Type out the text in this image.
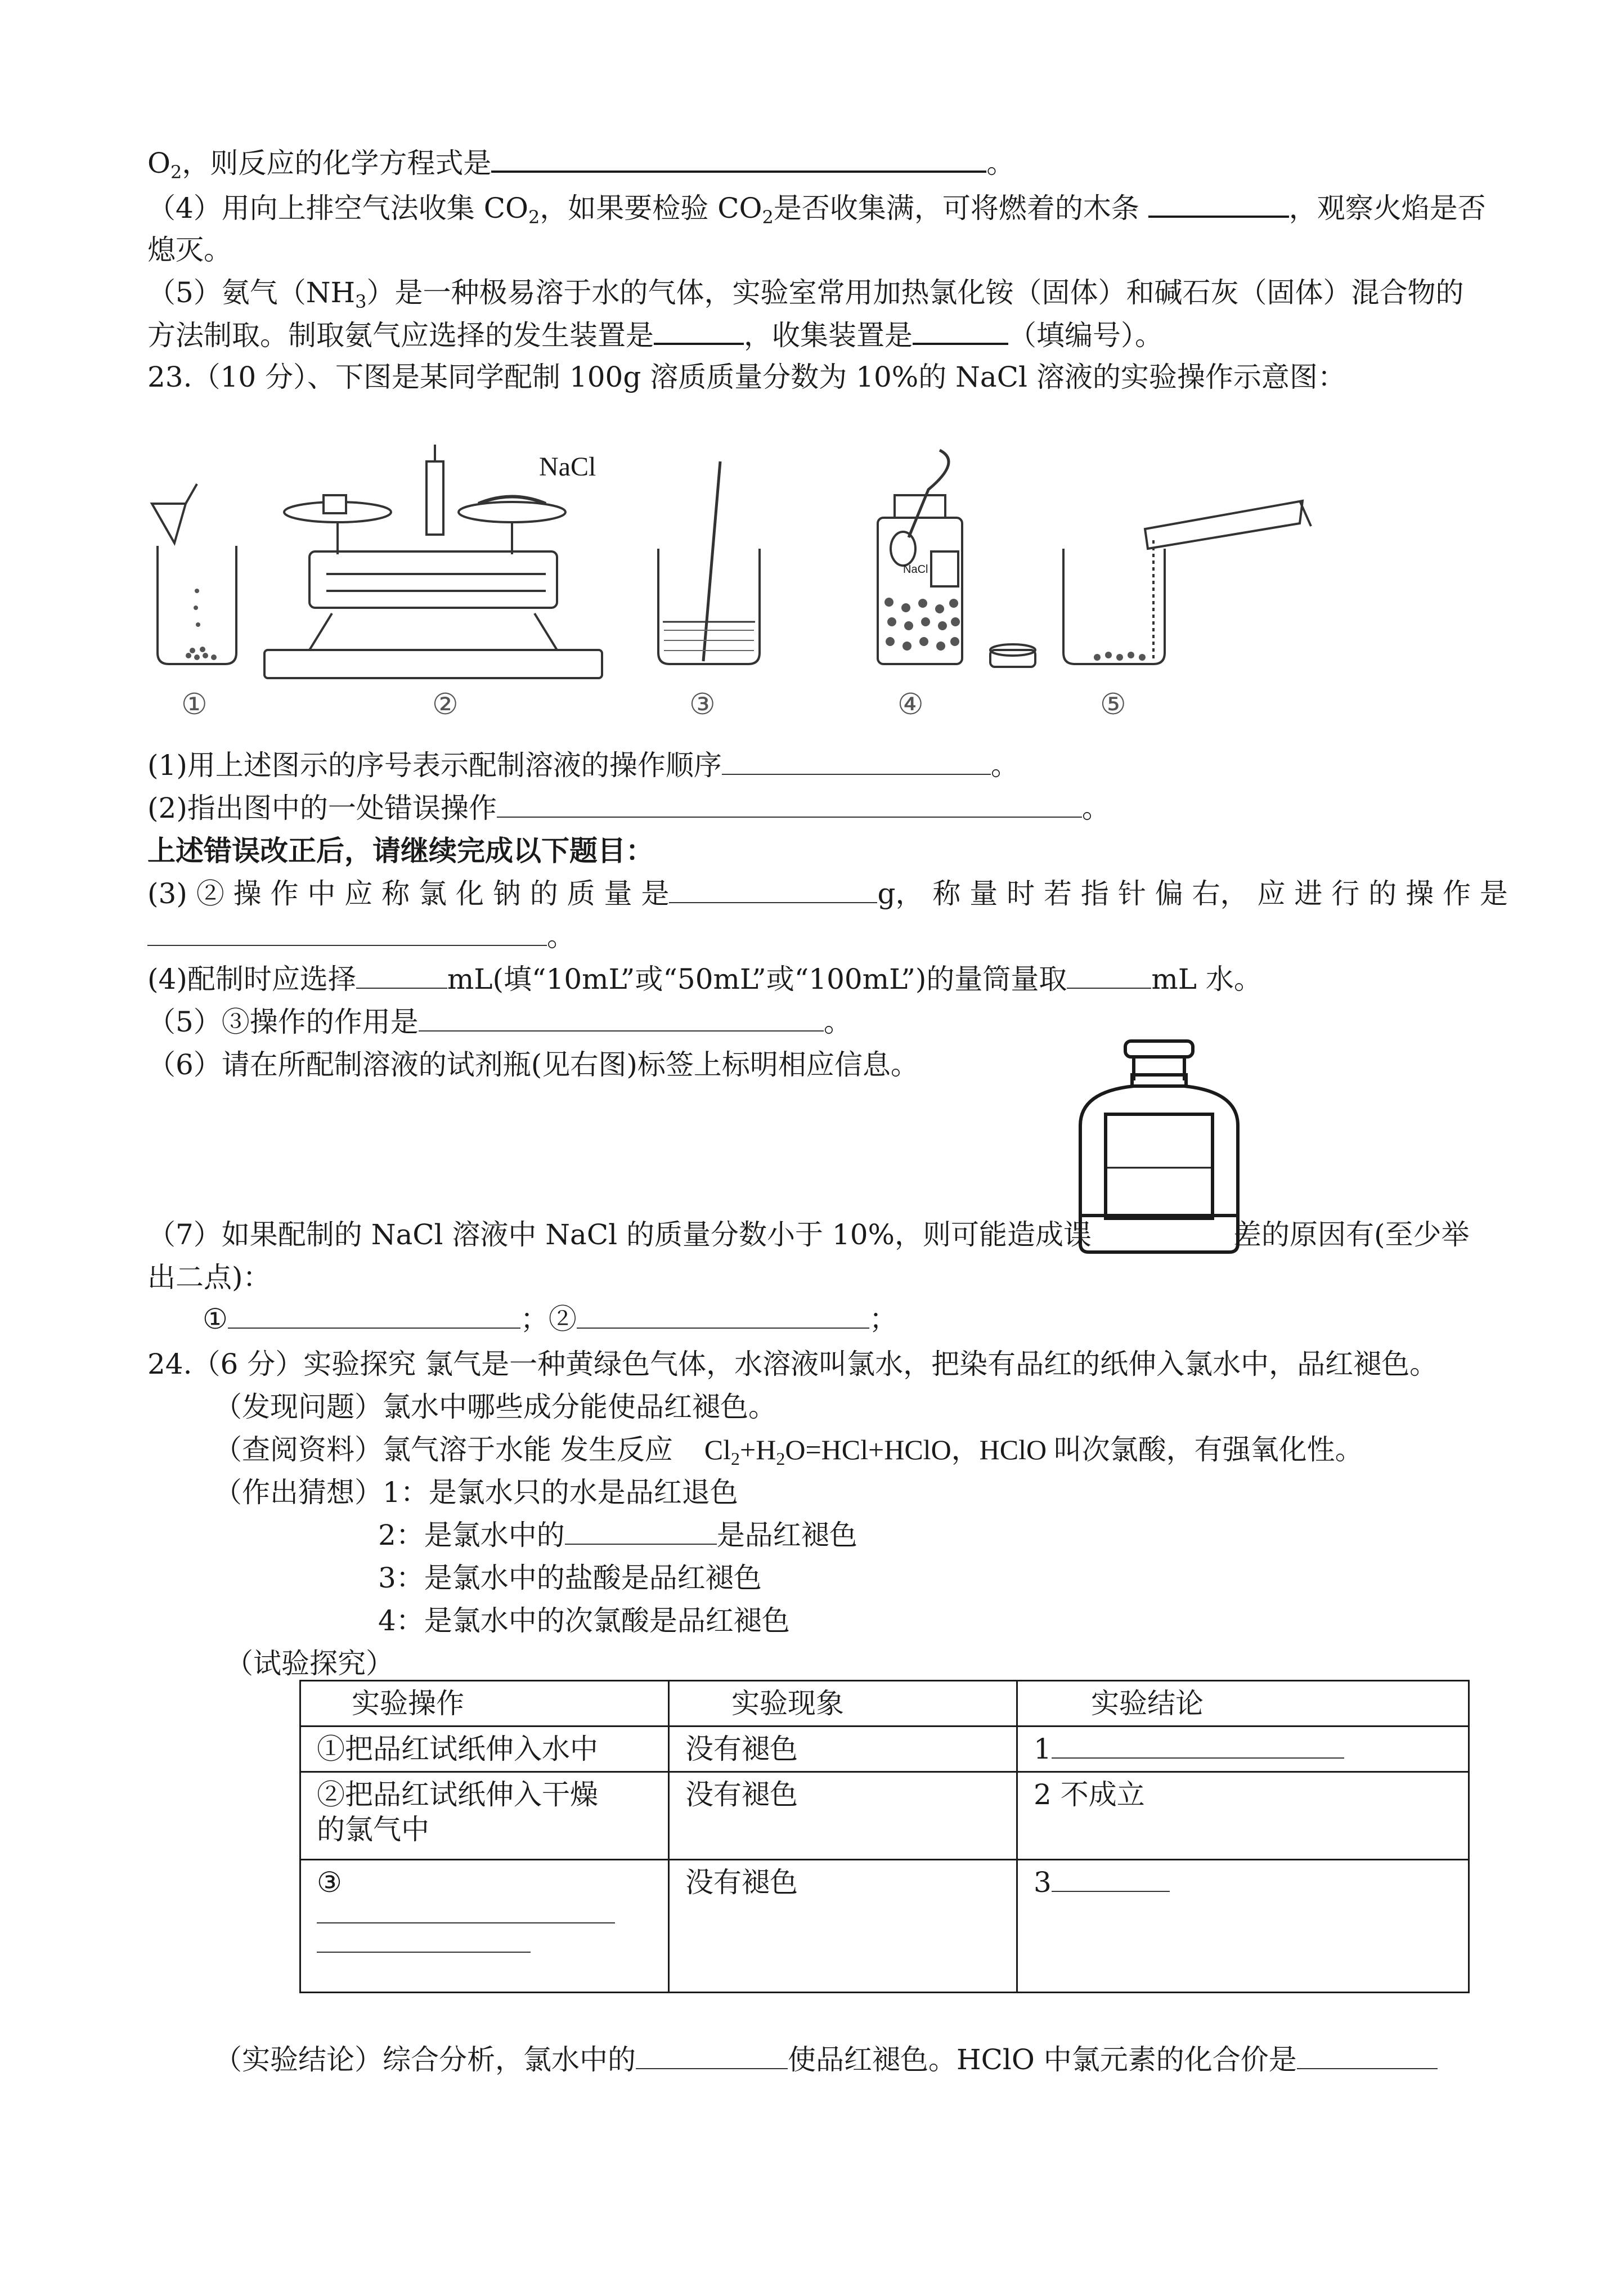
$O_2$，则反应的化学方程式是	。
（4）用向上排空气法收集 $CO_2$，如果要检验 $CO_2$是否收集满，可将燃着的木条	，观察火焰是否
熄灭。
（5）氨气$(NH_3)$是一种极易溶于水的气体，实验室常用加热氯化铵（固体）和碱石灰（固体）混合物的
方法制取。制取氨气应选择的发生装置是	，收集装置是	（填编号）。
23.（10 分）、下图是某同学配制 100g 溶质质量分数为 10%的 NaCl 溶液的实验操作示意图：
NaCl
NaCl
①	②	③	④	⑤
(1)用上述图示的序号表示配制溶液的操作顺序	。
(2)指出图中的一处错误操作	。
上述错误改正后，请继续完成以下题目：
(3) ② 操 作 中 应 称 氯 化 钠 的 质 量 是	g， 称 量 时 若 指 针 偏 右， 应 进 行 的 操 作 是
。
(4)配制时应选择	mL(填“10mL”或“50mL”或“100mL”)的量筒量取	mL 水。
（5）③操作的作用是	。
（6）请在所配制溶液的试剂瓶(见右图)标签上标明相应信息。
（7）如果配制的 NaCl 溶液中 NaCl 的质量分数小于 10%，则可能造成误	差的原因有(至少举
出二点)：
①	；②	；
24.（6 分）实验探究 氯气是一种黄绿色气体，水溶液叫氯水，把染有品红的纸伸入氯水中，品红褪色。
（发现问题）氯水中哪些成分能使品红褪色。
（查阅资料）氯气溶于水能 发生反应 $Cl_2+H_2O=HCl+HClO$，HClO 叫次氯酸，有强氧化性。
（作出猜想）1：是氯水只的水是品红退色
2：是氯水中的	是品红褪色
3：是氯水中的盐酸是品红褪色
4：是氯水中的次氯酸是品红褪色
（试验探究）
实验操作	实验现象	实验结论
①把品红试纸伸入水中	没有褪色	1

②把品红试纸伸入干燥
的氯气中	没有褪色	2 不成立

③	没有褪色	3
（实验结论）综合分析，氯水中的	使品红褪色。HClO 中氯元素的化合价是
